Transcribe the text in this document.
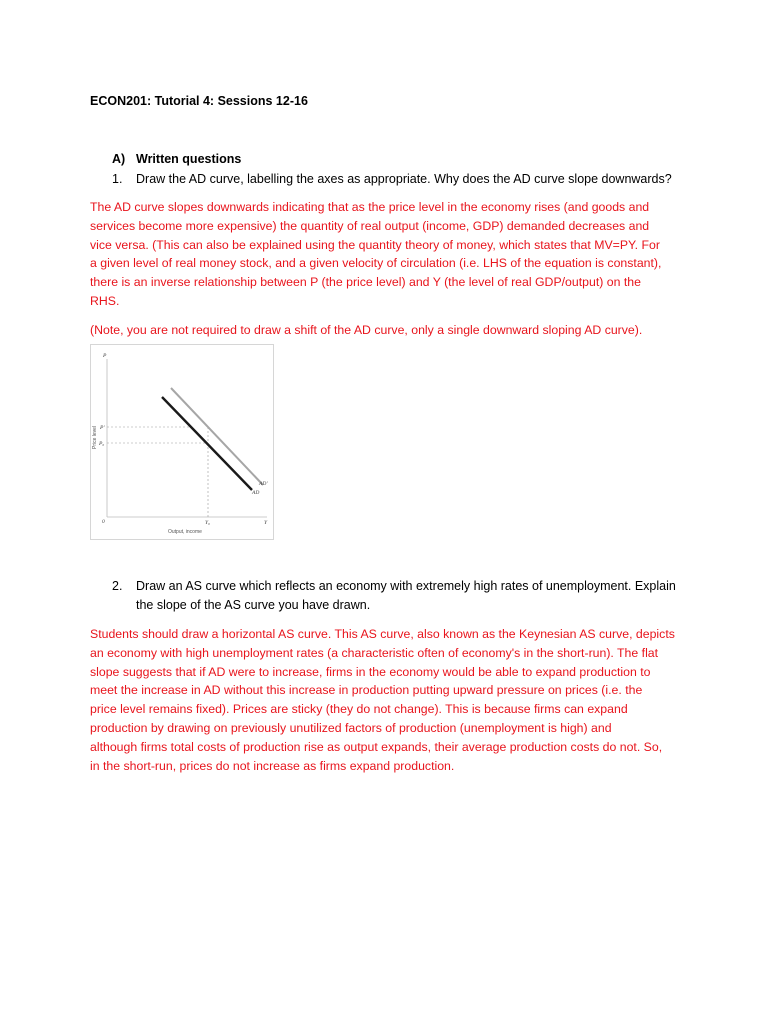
ECON201: Tutorial 4: Sessions 12-16
A) Written questions
1. Draw the AD curve, labelling the axes as appropriate. Why does the AD curve slope downwards?
The AD curve slopes downwards indicating that as the price level in the economy rises (and goods and
services become more expensive) the quantity of real output (income, GDP) demanded decreases and
vice versa. (This can also be explained using the quantity theory of money, which states that MV=PY. For
a given level of real money stock, and a given velocity of circulation (i.e. LHS of the equation is constant),
there is an inverse relationship between P (the price level) and Y (the level of real GDP/output) on the
RHS.
(Note, you are not required to draw a shift of the AD curve, only a single downward sloping AD curve).
P
Price level P'
P₀
0	Y₀	Y
Output, income
AD'
AD
2. Draw an AS curve which reflects an economy with extremely high rates of unemployment. Explain
the slope of the AS curve you have drawn.
Students should draw a horizontal AS curve. This AS curve, also known as the Keynesian AS curve, depicts
an economy with high unemployment rates (a characteristic often of economy's in the short-run). The flat
slope suggests that if AD were to increase, firms in the economy would be able to expand production to
meet the increase in AD without this increase in production putting upward pressure on prices (i.e. the
price level remains fixed). Prices are sticky (they do not change). This is because firms can expand
production by drawing on previously unutilized factors of production (unemployment is high) and
although firms total costs of production rise as output expands, their average production costs do not. So,
in the short-run, prices do not increase as firms expand production.
